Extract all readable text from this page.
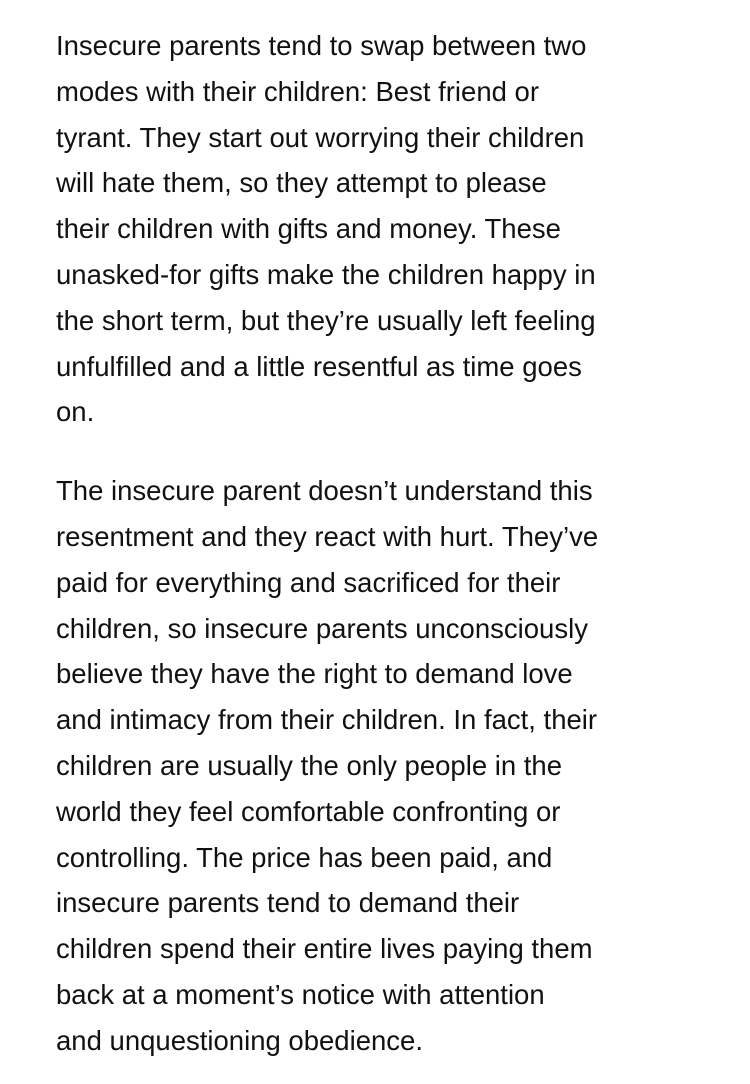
Insecure parents tend to swap between two
modes with their children: Best friend or
tyrant. They start out worrying their children
will hate them, so they attempt to please
their children with gifts and money. These
unasked-for gifts make the children happy in
the short term, but they’re usually left feeling
unfulfilled and a little resentful as time goes
on.

The insecure parent doesn’t understand this
resentment and they react with hurt. They’ve
paid for everything and sacrificed for their
children, so insecure parents unconsciously
believe they have the right to demand love
and intimacy from their children. In fact, their
children are usually the only people in the
world they feel comfortable confronting or
controlling. The price has been paid, and
insecure parents tend to demand their
children spend their entire lives paying them
back at a moment’s notice with attention
and unquestioning obedience.
